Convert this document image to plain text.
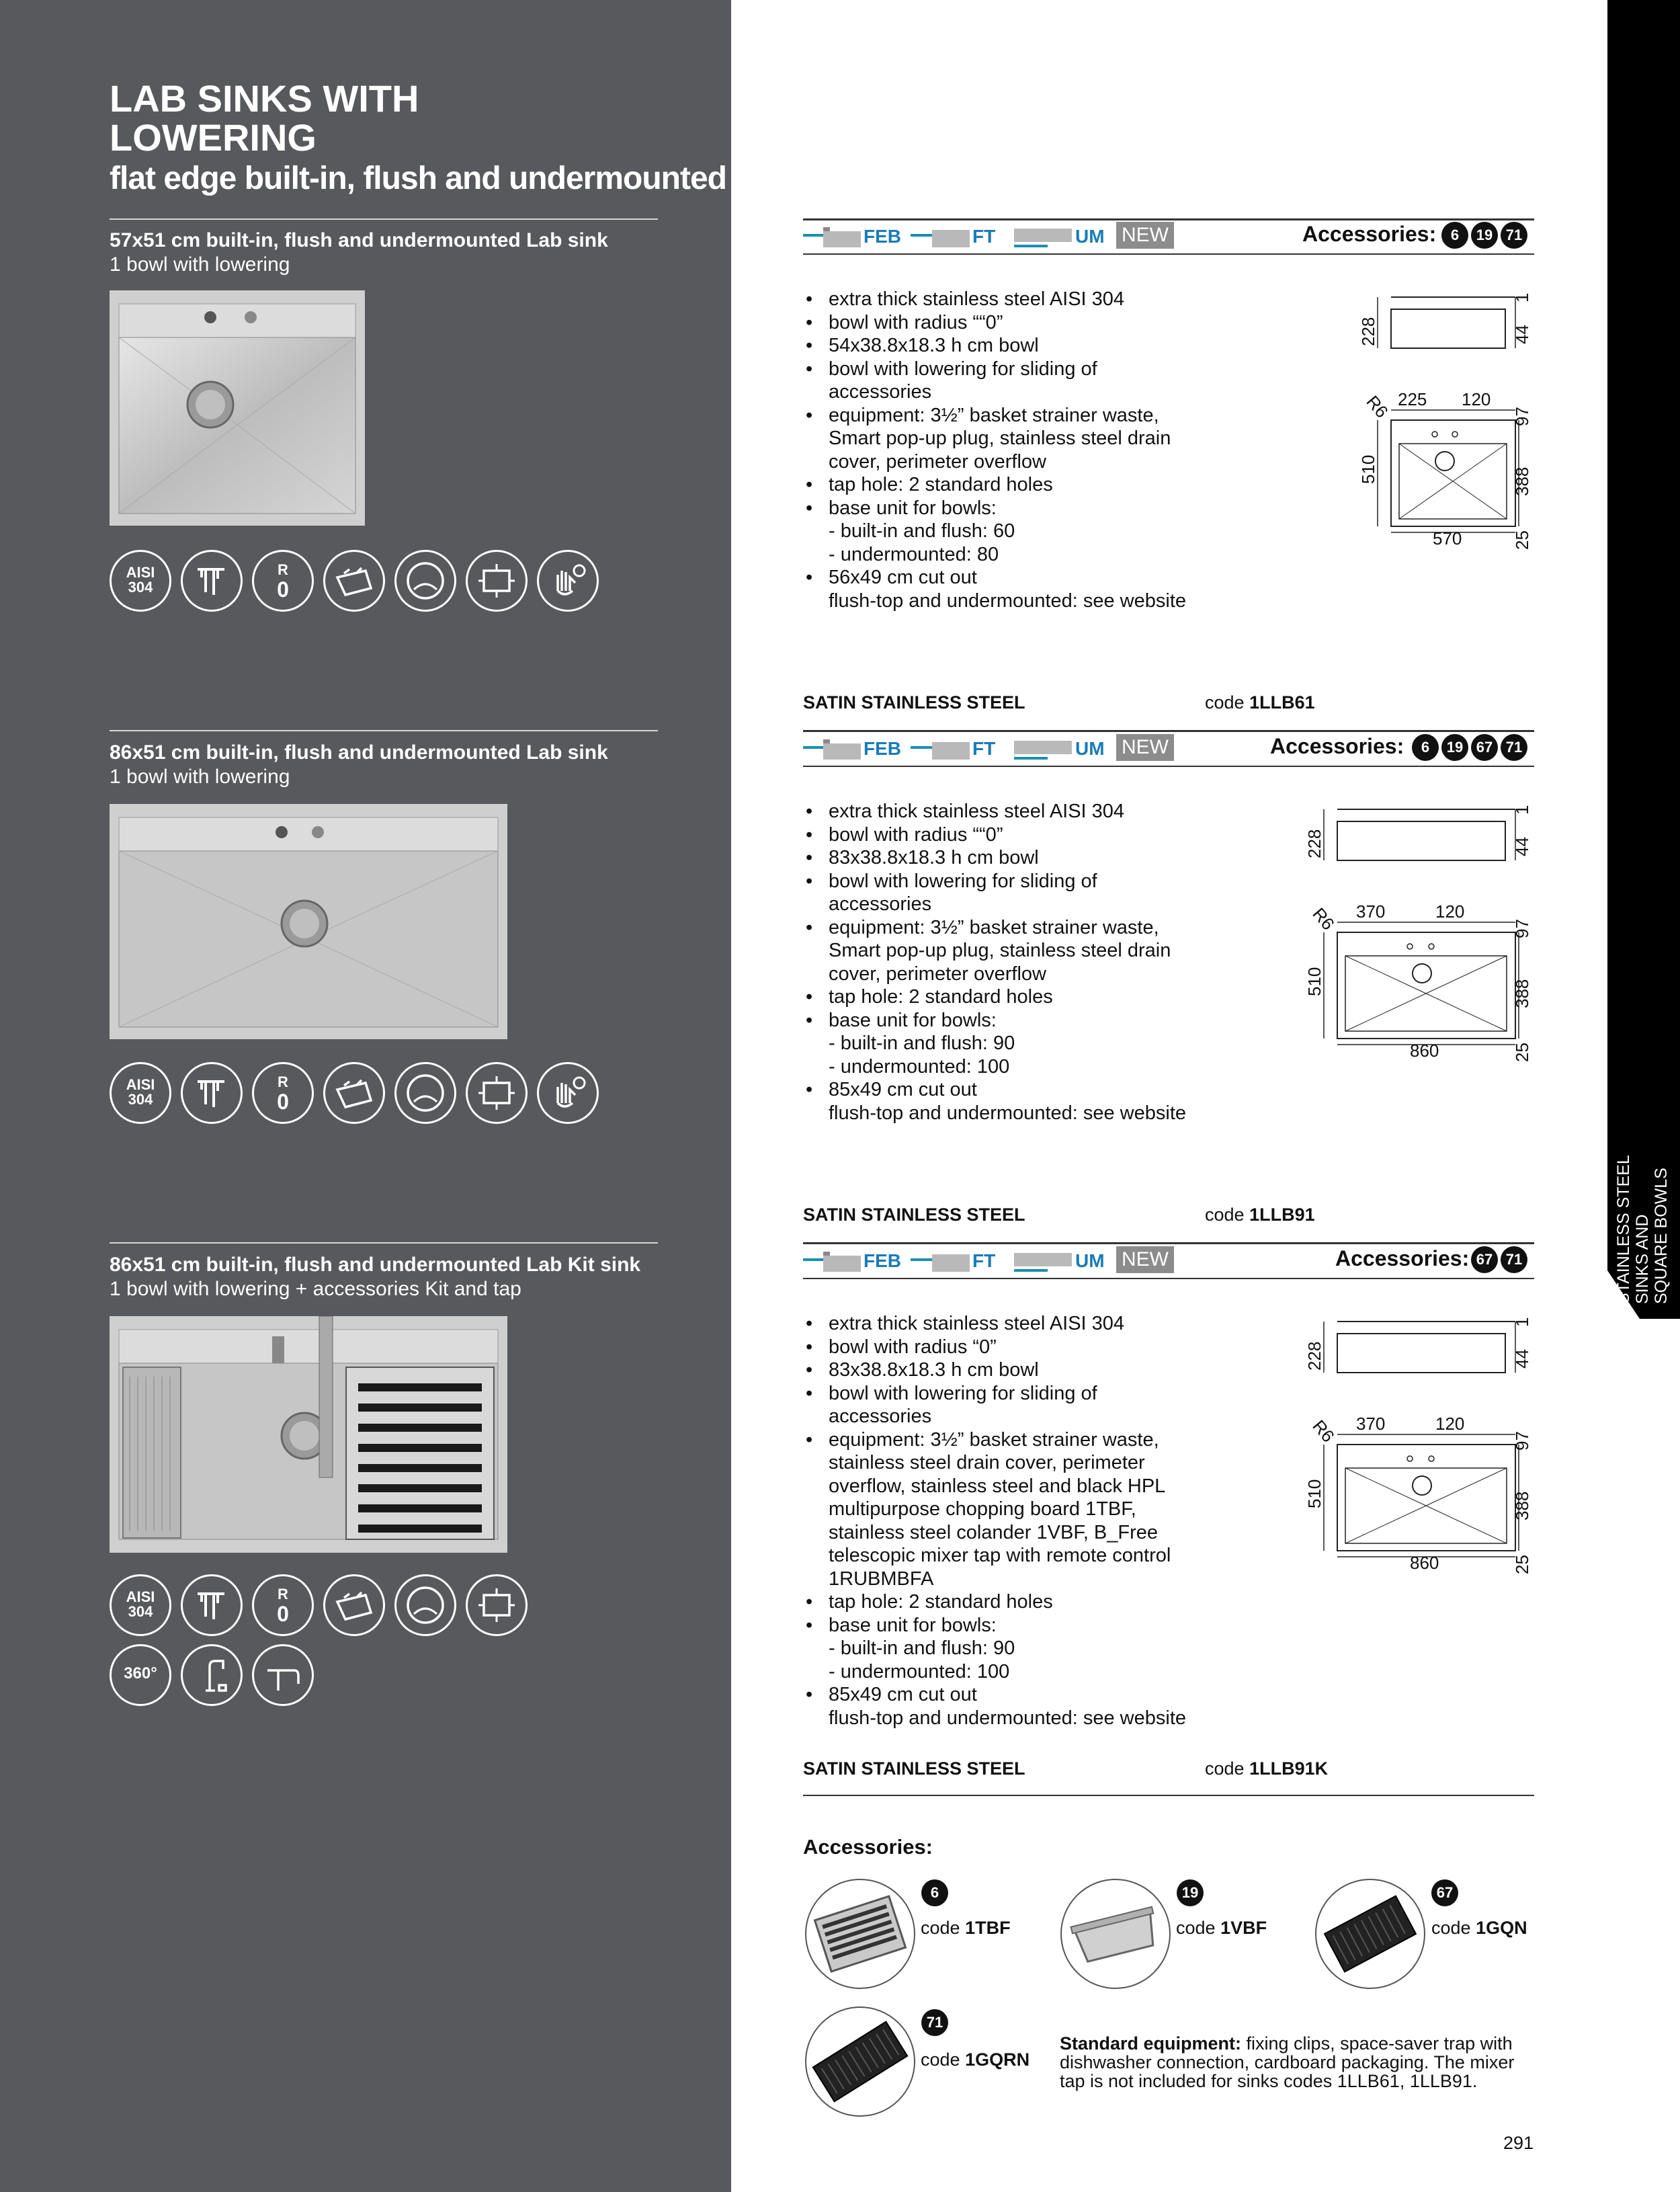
LAB SINKS WITH
LOWERING
flat edge built-in, flush and undermounted
STAINLESS STEEL SINKS AND SQUARE BOWLS
57x51 cm built-in, flush and undermounted Lab sink
1 bowl with lowering
AISI
304
R
0
FEB	FT	UM NEW	Accessories: 6	19 71
• extra thick stainless steel AISI 304
• bowl with radius ““0”
• 54x38.8x18.3 h cm bowl
• bowl with lowering for sliding of
accessories
• equipment: 3½” basket strainer waste,
Smart pop-up plug, stainless steel drain
cover, perimeter overflow
• tap hole: 2 standard holes
• base unit for bowls:
- built-in and flush: 60
- undermounted: 80
• 56x49 cm cut out
flush-top and undermounted: see website
SATIN STAINLESS STEEL	code 1LLB61
228
1
44
R6 225 120
510
97
388
25
570
86x51 cm built-in, flush and undermounted Lab sink
1 bowl with lowering
AISI
304
R
0
FEB	FT	UM NEW	Accessories:	6	19 67 71
• extra thick stainless steel AISI 304
• bowl with radius ““0”
• 83x38.8x18.3 h cm bowl
• bowl with lowering for sliding of
accessories
• equipment: 3½” basket strainer waste,
Smart pop-up plug, stainless steel drain
cover, perimeter overflow
• tap hole: 2 standard holes
• base unit for bowls:
- built-in and flush: 90
- undermounted: 100
• 85x49 cm cut out
flush-top and undermounted: see website
SATIN STAINLESS STEEL	code 1LLB91
228
1
44
R6 370	120
510
97
388
25
860
86x51 cm built-in, flush and undermounted Lab Kit sink
1 bowl with lowering + accessories Kit and tap
AISI
304
R
0
360°
FEB	FT	UM NEW	Accessories: 67 71
• extra thick stainless steel AISI 304
• bowl with radius “0”
• 83x38.8x18.3 h cm bowl
• bowl with lowering for sliding of
accessories
• equipment: 3½” basket strainer waste,
stainless steel drain cover, perimeter
overflow, stainless steel and black HPL
multipurpose chopping board 1TBF,
stainless steel colander 1VBF, B_Free
telescopic mixer tap with remote control
1RUBMBFA
• tap hole: 2 standard holes
• base unit for bowls:
- built-in and flush: 90
- undermounted: 100
• 85x49 cm cut out
flush-top and undermounted: see website
SATIN STAINLESS STEEL	code 1LLB91K
228
1
44
R6 370	120
510
97
388
25
860
Accessories:
6
code 1TBF
19
code 1VBF
67
code 1GQN
71
code 1GQRN
Standard equipment: fixing clips, space-saver trap with dishwasher connection, cardboard packaging. The mixer tap is not included for sinks codes 1LLB61, 1LLB91.
291
